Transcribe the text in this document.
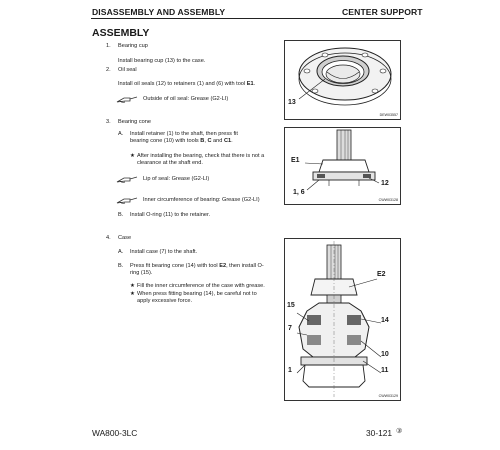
DISASSEMBLY AND ASSEMBLY	CENTER SUPPORT
ASSEMBLY
1. Bearing cup
Install bearing cup (13) to the case.
2. Oil seal
Install oil seals (12) to retainers (1) and (6) with tool E1.
Outside of oil seal: Grease (G2-LI)
3. Bearing cone
A. Install retainer (1) to the shaft, then press fit
bearing cone (10) with tools B, C and C1.
★ After installing the bearing, check that there is not a
clearance at the shaft end.
Lip of seal: Grease (G2-LI)
Inner circumference of bearing: Grease (G2-LI)
B. Install O-ring (11) to the retainer.
4. Case
A. Install case (7) to the shaft.
B. Press fit bearing cone (14) with tool E2, then install O-
ring (15).
★ Fill the inner circumference of the case with grease.
★ When press fitting bearing (14), be careful not to
apply excessive force.
13
DEW03557
E1
12
1, 6
CWW03128
E2
15
14
7
10
1	11
CWW03129
WA800-3LC	30-121 ③
